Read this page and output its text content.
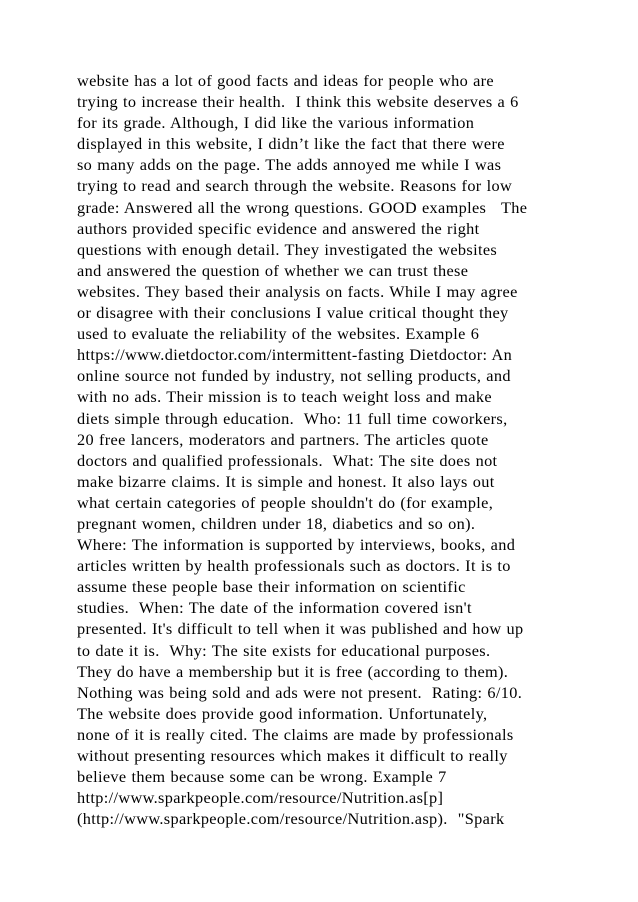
website has a lot of good facts and ideas for people who are
trying to increase their health.  I think this website deserves a 6
for its grade. Although, I did like the various information
displayed in this website, I didn’t like the fact that there were
so many adds on the page. The adds annoyed me while I was
trying to read and search through the website. Reasons for low
grade: Answered all the wrong questions. GOOD examples   The
authors provided specific evidence and answered the right
questions with enough detail. They investigated the websites
and answered the question of whether we can trust these
websites. They based their analysis on facts. While I may agree
or disagree with their conclusions I value critical thought they
used to evaluate the reliability of the websites. Example 6
https://www.dietdoctor.com/intermittent-fasting Dietdoctor: An
online source not funded by industry, not selling products, and
with no ads. Their mission is to teach weight loss and make
diets simple through education.  Who: 11 full time coworkers,
20 free lancers, moderators and partners. The articles quote
doctors and qualified professionals.  What: The site does not
make bizarre claims. It is simple and honest. It also lays out
what certain categories of people shouldn't do (for example,
pregnant women, children under 18, diabetics and so on).
Where: The information is supported by interviews, books, and
articles written by health professionals such as doctors. It is to
assume these people base their information on scientific
studies.  When: The date of the information covered isn't
presented. It's difficult to tell when it was published and how up
to date it is.  Why: The site exists for educational purposes.
They do have a membership but it is free (according to them).
Nothing was being sold and ads were not present.  Rating: 6/10.
The website does provide good information. Unfortunately,
none of it is really cited. The claims are made by professionals
without presenting resources which makes it difficult to really
believe them because some can be wrong. Example 7
http://www.sparkpeople.com/resource/Nutrition.as[p]
(http://www.sparkpeople.com/resource/Nutrition.asp).  "Spark
